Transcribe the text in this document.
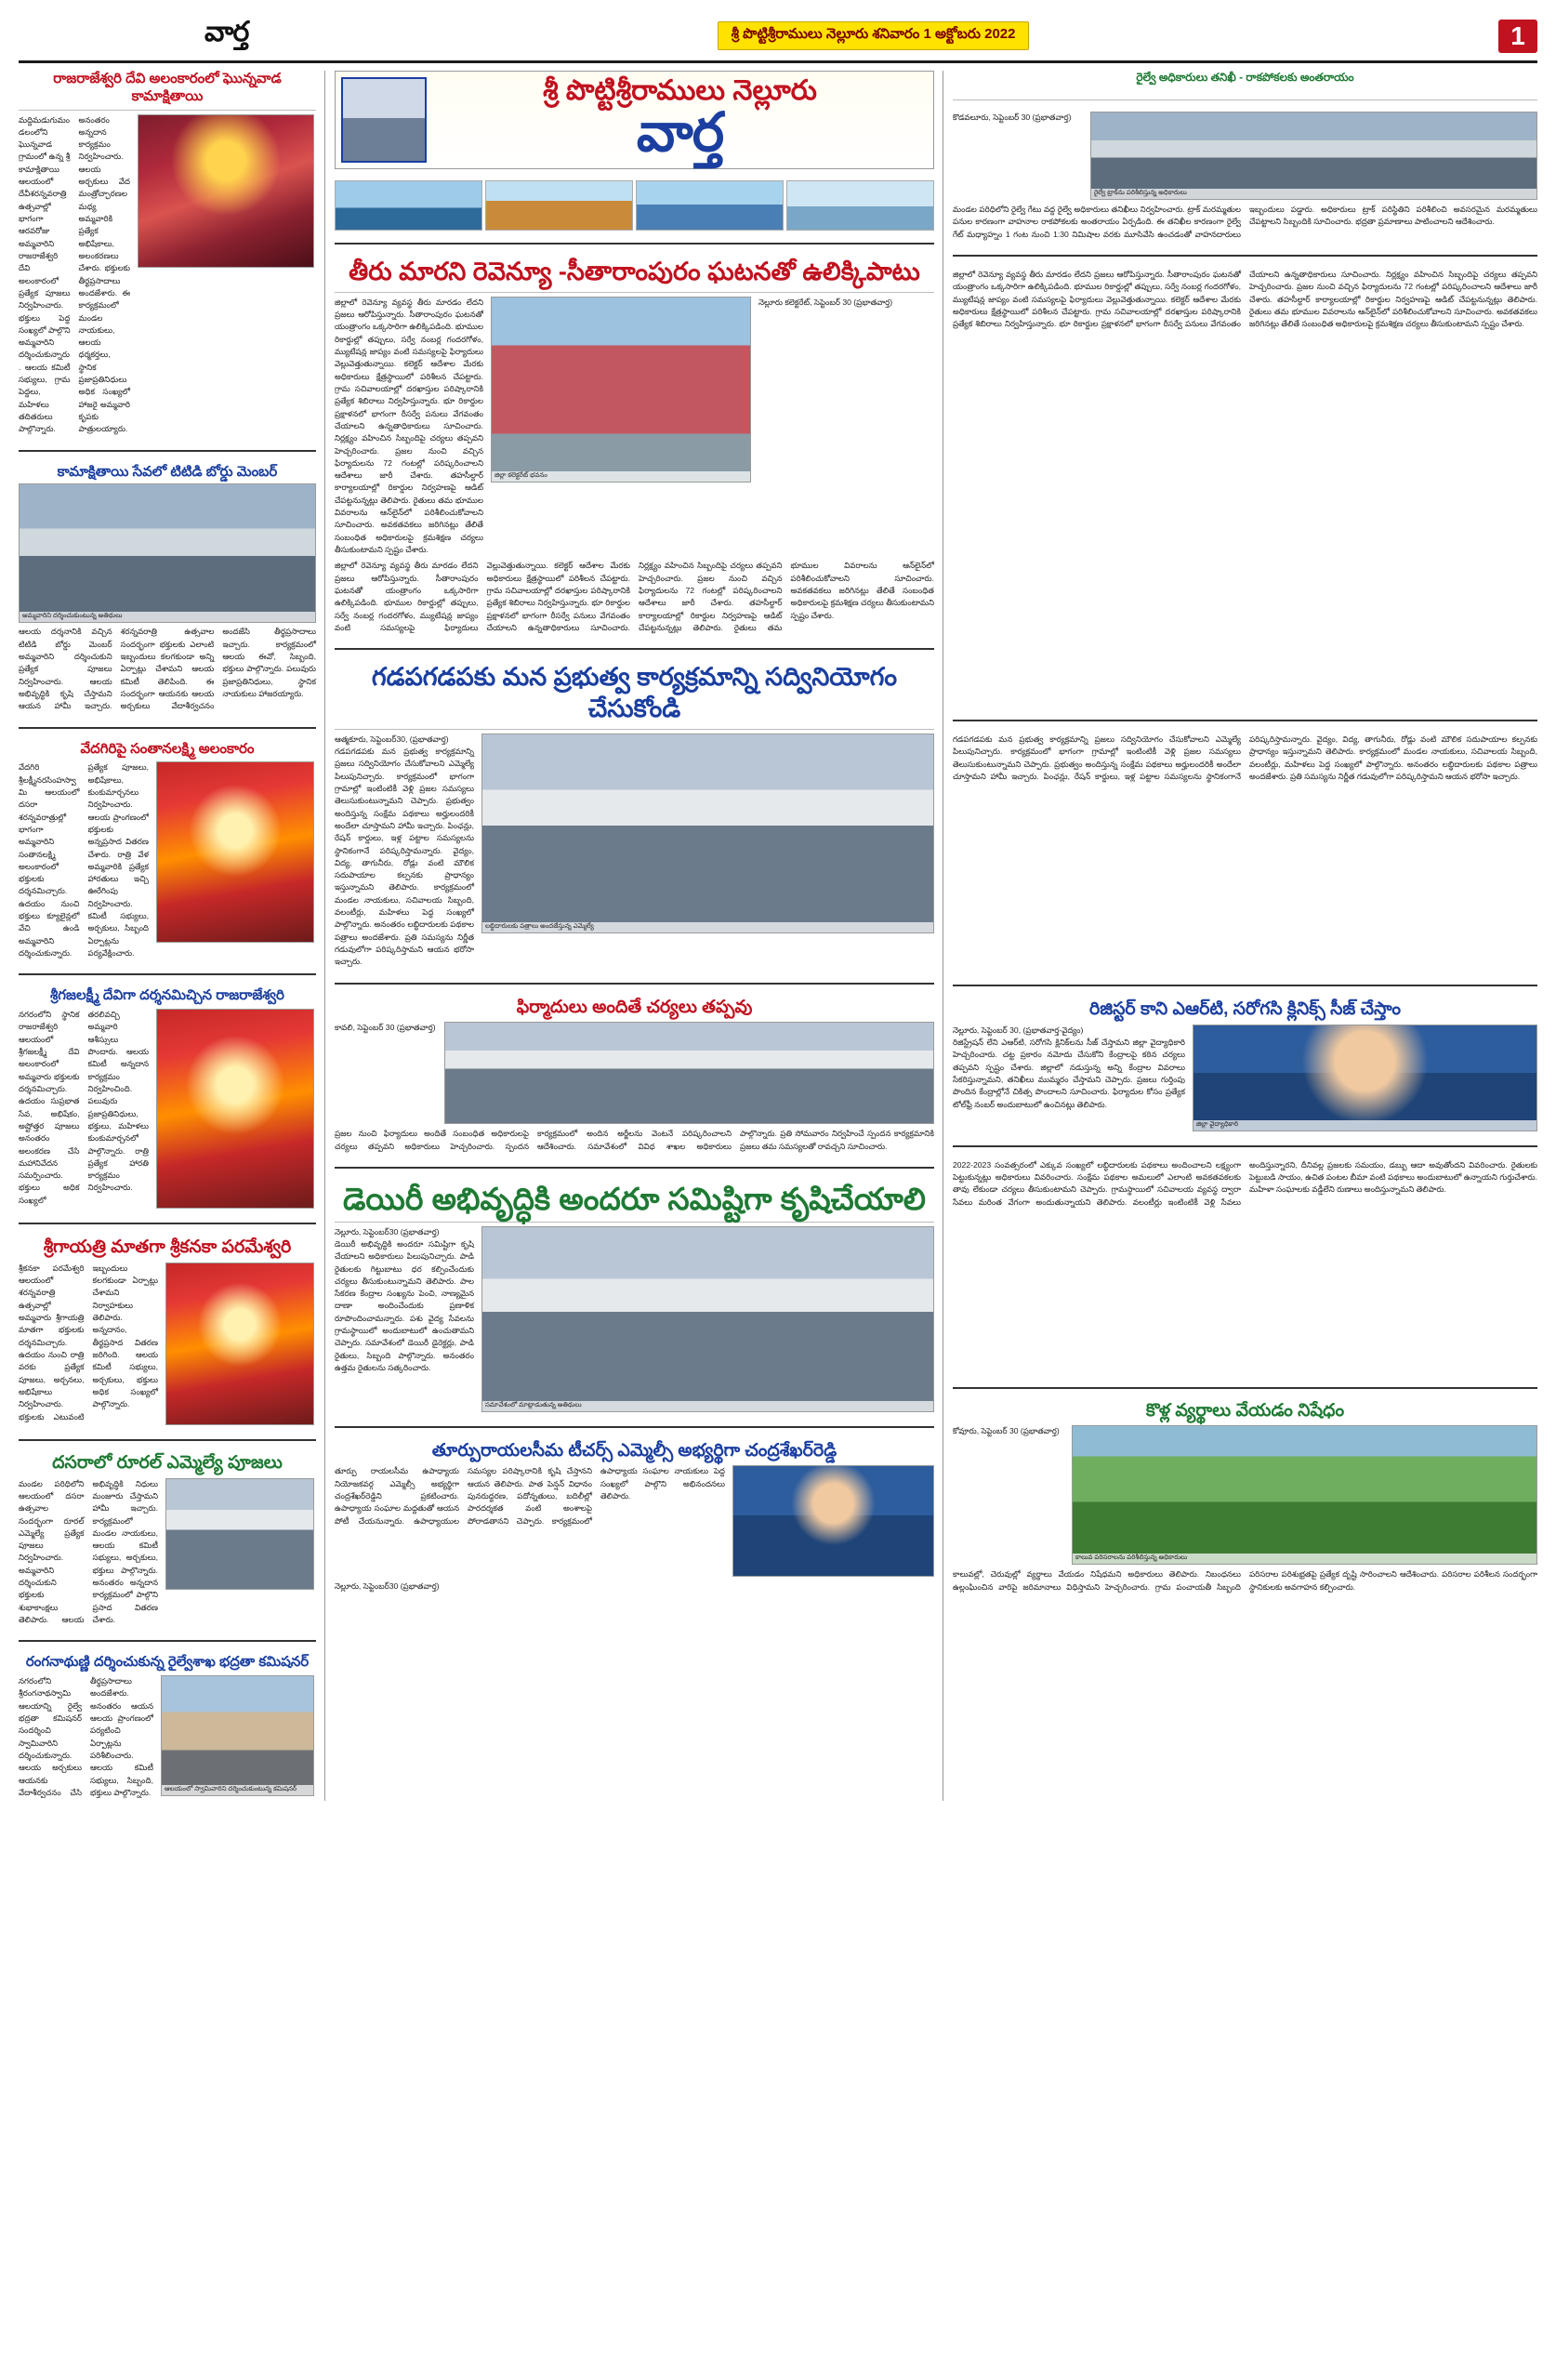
వార్త	శ్రీ పొట్టిశ్రీరాములు నెల్లూరు శనివారం 1 అక్టోబరు 2022	1
రాజరాజేశ్వరి దేవి అలంకారంలో ఘొన్నవాడ కామాక్షితాయి
మద్దిమడుగుమండలంలోని ఘొన్నవాడ గ్రామంలో ఉన్న శ్రీ కామాక్షితాయి ఆలయంలో దేవీశరన్నవరాత్రి ఉత్సవాల్లో భాగంగా ఆరవరోజు అమ్మవారిని రాజరాజేశ్వరి దేవి అలంకారంలో ప్రత్యేక పూజలు నిర్వహించారు. భక్తులు పెద్ద సంఖ్యలో పాల్గొని అమ్మవారిని దర్శించుకున్నారు. ఆలయ కమిటీ సభ్యులు, గ్రామ పెద్దలు, మహిళలు తదితరులు పాల్గొన్నారు. అనంతరం అన్నదాన కార్యక్రమం నిర్వహించారు. ఆలయ అర్చకులు వేద మంత్రోచ్ఛారణల మధ్య అమ్మవారికి ప్రత్యేక అభిషేకాలు, అలంకరణలు చేశారు. భక్తులకు తీర్థప్రసాదాలు అందజేశారు. ఈ కార్యక్రమంలో మండల నాయకులు, ఆలయ ధర్మకర్తలు, స్థానిక ప్రజాప్రతినిధులు అధిక సంఖ్యలో హాజరై అమ్మవారి కృపకు పాత్రులయ్యారు.
కామాక్షితాయి సేవలో టిటిడి బోర్డు మెంబర్
అమ్మవారిని దర్శించుకుంటున్న అతిథులు
ఆలయ దర్శనానికి వచ్చిన టిటిడి బోర్డు మెంబర్ అమ్మవారిని దర్శించుకుని ప్రత్యేక పూజలు నిర్వహించారు. ఆలయ అభివృద్ధికి కృషి చేస్తామని ఆయన హామీ ఇచ్చారు. శరన్నవరాత్రి ఉత్సవాల సందర్భంగా భక్తులకు ఎలాంటి ఇబ్బందులు కలగకుండా అన్ని ఏర్పాట్లు చేశామని ఆలయ కమిటీ తెలిపింది. ఈ సందర్భంగా ఆయనకు ఆలయ అర్చకులు వేదాశీర్వచనం అందజేసి తీర్థప్రసాదాలు ఇచ్చారు. కార్యక్రమంలో ఆలయ ఈవో, సిబ్బంది, భక్తులు పాల్గొన్నారు. పలువురు ప్రజాప్రతినిధులు, స్థానిక నాయకులు హాజరయ్యారు.
వేదగిరిపై సంతానలక్ష్మి అలంకారం
వేదగిరి శ్రీలక్ష్మీనరసింహస్వామి ఆలయంలో దసరా శరన్నవరాత్రుల్లో భాగంగా అమ్మవారిని సంతానలక్ష్మి అలంకారంలో భక్తులకు దర్శనమిచ్చారు. ఉదయం నుంచి భక్తులు క్యూలైన్లలో వేచి ఉండి అమ్మవారిని దర్శించుకున్నారు. ప్రత్యేక పూజలు, అభిషేకాలు, కుంకుమార్చనలు నిర్వహించారు. ఆలయ ప్రాంగణంలో భక్తులకు అన్నప్రసాద వితరణ చేశారు. రాత్రి వేళ అమ్మవారికి ప్రత్యేక హారతులు ఇచ్చి ఊరేగింపు నిర్వహించారు. కమిటీ సభ్యులు, అర్చకులు, సిబ్బంది ఏర్పాట్లను పర్యవేక్షించారు.
శ్రీగజలక్ష్మీ దేవిగా దర్శనమిచ్చిన రాజరాజేశ్వరి
నగరంలోని స్థానిక రాజరాజేశ్వరి ఆలయంలో శ్రీగజలక్ష్మీ దేవి అలంకారంలో అమ్మవారు భక్తులకు దర్శనమిచ్చారు. ఉదయం సుప్రభాత సేవ, అభిషేకం, అష్టోత్తర పూజలు అనంతరం అలంకరణ చేసి మహానివేదన సమర్పించారు. భక్తులు అధిక సంఖ్యలో తరలివచ్చి అమ్మవారి ఆశీస్సులు పొందారు. ఆలయ కమిటీ అన్నదాన కార్యక్రమం నిర్వహించింది. పలువురు ప్రజాప్రతినిధులు, భక్తులు, మహిళలు కుంకుమార్చనలో పాల్గొన్నారు. రాత్రి ప్రత్యేక హారతి కార్యక్రమం నిర్వహించారు.
శ్రీగాయత్రి మాతగా శ్రీకనకా పరమేశ్వరి
శ్రీకనకా పరమేశ్వరి ఆలయంలో శరన్నవరాత్రి ఉత్సవాల్లో అమ్మవారు శ్రీగాయత్రి మాతగా భక్తులకు దర్శనమిచ్చారు. ఉదయం నుంచి రాత్రి వరకు ప్రత్యేక పూజలు, అర్చనలు, అభిషేకాలు నిర్వహించారు. భక్తులకు ఎటువంటి ఇబ్బందులు కలగకుండా ఏర్పాట్లు చేశామని నిర్వాహకులు తెలిపారు. అన్నదానం, తీర్థప్రసాద వితరణ జరిగింది. ఆలయ కమిటీ సభ్యులు, అర్చకులు, భక్తులు అధిక సంఖ్యలో పాల్గొన్నారు.
దసరాలో రూరల్ ఎమ్మెల్యే పూజలు
మండల పరిధిలోని ఆలయంలో దసరా ఉత్సవాల సందర్భంగా రూరల్ ఎమ్మెల్యే ప్రత్యేక పూజలు నిర్వహించారు. అమ్మవారిని దర్శించుకుని భక్తులకు శుభాకాంక్షలు తెలిపారు. ఆలయ అభివృద్ధికి నిధులు మంజూరు చేస్తామని హామీ ఇచ్చారు. కార్యక్రమంలో మండల నాయకులు, ఆలయ కమిటీ సభ్యులు, అర్చకులు, భక్తులు పాల్గొన్నారు. అనంతరం అన్నదాన కార్యక్రమంలో పాల్గొని ప్రసాద వితరణ చేశారు.
రంగనాథుణ్ణి దర్శించుకున్న రైల్వేశాఖ భద్రతా కమిషనర్
నగరంలోని శ్రీరంగనాథస్వామి ఆలయాన్ని రైల్వే భద్రతా కమిషనర్ సందర్శించి స్వామివారిని దర్శించుకున్నారు. ఆలయ అర్చకులు ఆయనకు వేదాశీర్వచనం చేసి తీర్థప్రసాదాలు అందజేశారు. అనంతరం ఆయన ఆలయ ప్రాంగణంలో పర్యటించి ఏర్పాట్లను పరిశీలించారు. ఆలయ కమిటీ సభ్యులు, సిబ్బంది, భక్తులు పాల్గొన్నారు.	ఆలయంలో స్వామివారిని దర్శించుకుంటున్న కమిషనర్
శ్రీ పొట్టిశ్రీరాములు నెల్లూరు
వార్త
తీరు మారని రెవెన్యూ -సీతారాంపురం ఘటనతో ఉలిక్కిపాటు
జిల్లాలో రెవెన్యూ వ్యవస్థ తీరు మారడం లేదని ప్రజలు ఆరోపిస్తున్నారు. సీతారాంపురం ఘటనతో యంత్రాంగం ఒక్కసారిగా ఉలిక్కిపడింది. భూముల రికార్డుల్లో తప్పులు, సర్వే నంబర్ల గందరగోళం, మ్యుటేషన్ల జాప్యం వంటి సమస్యలపై ఫిర్యాదులు వెల్లువెత్తుతున్నాయి. కలెక్టర్ ఆదేశాల మేరకు అధికారులు క్షేత్రస్థాయిలో పరిశీలన చేపట్టారు. గ్రామ సచివాలయాల్లో దరఖాస్తుల పరిష్కారానికి ప్రత్యేక శిబిరాలు నిర్వహిస్తున్నారు. భూ రికార్డుల ప్రక్షాళనలో భాగంగా రీసర్వే పనులు వేగవంతం చేయాలని ఉన్నతాధికారులు సూచించారు. నిర్లక్ష్యం వహించిన సిబ్బందిపై చర్యలు తప్పవని హెచ్చరించారు. ప్రజల నుంచి వచ్చిన ఫిర్యాదులను 72 గంటల్లో పరిష్కరించాలని ఆదేశాలు జారీ చేశారు. తహసీల్దార్ కార్యాలయాల్లో రికార్డుల నిర్వహణపై ఆడిట్ చేపట్టనున్నట్లు తెలిపారు. రైతులు తమ భూముల వివరాలను ఆన్‌లైన్‌లో పరిశీలించుకోవాలని సూచించారు. అవకతవకలు జరిగినట్లు తేలితే సంబంధిత అధికారులపై క్రమశిక్షణ చర్యలు తీసుకుంటామని స్పష్టం చేశారు.
జిల్లా కలెక్టరేట్ భవనం
నెల్లూరు కలెక్టరేట్, సెప్టెంబర్ 30 (ప్రభాతవార్త)
జిల్లాలో రెవెన్యూ వ్యవస్థ తీరు మారడం లేదని ప్రజలు ఆరోపిస్తున్నారు. సీతారాంపురం ఘటనతో యంత్రాంగం ఒక్కసారిగా ఉలిక్కిపడింది. భూముల రికార్డుల్లో తప్పులు, సర్వే నంబర్ల గందరగోళం, మ్యుటేషన్ల జాప్యం వంటి సమస్యలపై ఫిర్యాదులు వెల్లువెత్తుతున్నాయి. కలెక్టర్ ఆదేశాల మేరకు అధికారులు క్షేత్రస్థాయిలో పరిశీలన చేపట్టారు. గ్రామ సచివాలయాల్లో దరఖాస్తుల పరిష్కారానికి ప్రత్యేక శిబిరాలు నిర్వహిస్తున్నారు. భూ రికార్డుల ప్రక్షాళనలో భాగంగా రీసర్వే పనులు వేగవంతం చేయాలని ఉన్నతాధికారులు సూచించారు. నిర్లక్ష్యం వహించిన సిబ్బందిపై చర్యలు తప్పవని హెచ్చరించారు. ప్రజల నుంచి వచ్చిన ఫిర్యాదులను 72 గంటల్లో పరిష్కరించాలని ఆదేశాలు జారీ చేశారు. తహసీల్దార్ కార్యాలయాల్లో రికార్డుల నిర్వహణపై ఆడిట్ చేపట్టనున్నట్లు తెలిపారు. రైతులు తమ భూముల వివరాలను ఆన్‌లైన్‌లో పరిశీలించుకోవాలని సూచించారు. అవకతవకలు జరిగినట్లు తేలితే సంబంధిత అధికారులపై క్రమశిక్షణ చర్యలు తీసుకుంటామని స్పష్టం చేశారు.
గడపగడపకు మన ప్రభుత్వ కార్యక్రమాన్ని సద్వినియోగం చేసుకోండి
ఆత్మకూరు, సెప్టెంబర్30, (ప్రభాతవార్త)
గడపగడపకు మన ప్రభుత్వ కార్యక్రమాన్ని ప్రజలు సద్వినియోగం చేసుకోవాలని ఎమ్మెల్యే పిలుపునిచ్చారు. కార్యక్రమంలో భాగంగా గ్రామాల్లో ఇంటింటికీ వెళ్లి ప్రజల సమస్యలు తెలుసుకుంటున్నామని చెప్పారు. ప్రభుత్వం అందిస్తున్న సంక్షేమ పథకాలు అర్హులందరికీ అందేలా చూస్తామని హామీ ఇచ్చారు. పింఛన్లు, రేషన్ కార్డులు, ఇళ్ల పట్టాల సమస్యలను స్థానికంగానే పరిష్కరిస్తామన్నారు. వైద్యం, విద్య, తాగునీరు, రోడ్లు వంటి మౌలిక సదుపాయాల కల్పనకు ప్రాధాన్యం ఇస్తున్నామని తెలిపారు. కార్యక్రమంలో మండల నాయకులు, సచివాలయ సిబ్బంది, వలంటీర్లు, మహిళలు పెద్ద సంఖ్యలో పాల్గొన్నారు. అనంతరం లబ్ధిదారులకు పథకాల పత్రాలు అందజేశారు. ప్రతి సమస్యను నిర్ణీత గడువులోగా పరిష్కరిస్తామని ఆయన భరోసా ఇచ్చారు.
లబ్ధిదారులకు పత్రాలు అందజేస్తున్న ఎమ్మెల్యే
ఫిర్మాదులు అందితే చర్యలు తప్పవు
కావలి, సెప్టెంబర్ 30 (ప్రభాతవార్త)
ప్రజల నుంచి ఫిర్యాదులు అందితే సంబంధిత అధికారులపై చర్యలు తప్పవని అధికారులు హెచ్చరించారు. స్పందన కార్యక్రమంలో అందిన అర్జీలను వెంటనే పరిష్కరించాలని ఆదేశించారు. సమావేశంలో వివిధ శాఖల అధికారులు పాల్గొన్నారు. ప్రతి సోమవారం నిర్వహించే స్పందన కార్యక్రమానికి ప్రజలు తమ సమస్యలతో రావచ్చని సూచించారు.
డెయిరీ అభివృద్ధికి అందరూ సమిష్టిగా కృషిచేయాలి
నెల్లూరు, సెప్టెంబర్30 (ప్రభాతవార్త)
డెయిరీ అభివృద్ధికి అందరూ సమిష్టిగా కృషి చేయాలని అధికారులు పిలుపునిచ్చారు. పాడి రైతులకు గిట్టుబాటు ధర కల్పించేందుకు చర్యలు తీసుకుంటున్నామని తెలిపారు. పాల సేకరణ కేంద్రాల సంఖ్యను పెంచి, నాణ్యమైన దాణా అందించేందుకు ప్రణాళిక రూపొందించామన్నారు. పశు వైద్య సేవలను గ్రామస్థాయిలో అందుబాటులో ఉంచుతామని చెప్పారు. సమావేశంలో డెయిరీ డైరెక్టర్లు, పాడి రైతులు, సిబ్బంది పాల్గొన్నారు. అనంతరం ఉత్తమ రైతులను సత్కరించారు.
సమావేశంలో మాట్లాడుతున్న అతిథులు
తూర్పురాయలసీమ టీచర్స్ ఎమ్మెల్సీ అభ్యర్థిగా చంద్రశేఖర్‌రెడ్డి
తూర్పు రాయలసీమ ఉపాధ్యాయ నియోజకవర్గ ఎమ్మెల్సీ అభ్యర్థిగా చంద్రశేఖర్‌రెడ్డిని ప్రకటించారు. ఉపాధ్యాయ సంఘాల మద్దతుతో ఆయన పోటీ చేయనున్నారు. ఉపాధ్యాయుల సమస్యల పరిష్కారానికి కృషి చేస్తానని ఆయన తెలిపారు. పాత పెన్షన్ విధానం పునరుద్ధరణ, పదోన్నతులు, బదిలీల్లో పారదర్శకత వంటి అంశాలపై పోరాడతానని చెప్పారు. కార్యక్రమంలో ఉపాధ్యాయ సంఘాల నాయకులు పెద్ద సంఖ్యలో పాల్గొని అభినందనలు తెలిపారు.
నెల్లూరు, సెప్టెంబర్30 (ప్రభాతవార్త)
రైల్వే అధికారులు తనిఖీ - రాకపోకలకు అంతరాయం
కొడవలూరు, సెప్టెంబర్ 30 (ప్రభాతవార్త)
రైల్వే ట్రాక్‌ను పరిశీలిస్తున్న అధికారులు
మండల పరిధిలోని రైల్వే గేటు వద్ద రైల్వే అధికారులు తనిఖీలు నిర్వహించారు. ట్రాక్ మరమ్మతుల పనుల కారణంగా వాహనాల రాకపోకలకు అంతరాయం ఏర్పడింది. ఈ తనిఖీల కారణంగా రైల్వే గేట్ మధ్యాహ్నం 1 గంట నుంచి 1:30 నిమిషాల వరకు మూసివేసి ఉంచడంతో వాహనదారులు ఇబ్బందులు పడ్డారు. అధికారులు ట్రాక్ పరిస్థితిని పరిశీలించి అవసరమైన మరమ్మతులు చేపట్టాలని సిబ్బందికి సూచించారు. భద్రతా ప్రమాణాలు పాటించాలని ఆదేశించారు.
జిల్లాలో రెవెన్యూ వ్యవస్థ తీరు మారడం లేదని ప్రజలు ఆరోపిస్తున్నారు. సీతారాంపురం ఘటనతో యంత్రాంగం ఒక్కసారిగా ఉలిక్కిపడింది. భూముల రికార్డుల్లో తప్పులు, సర్వే నంబర్ల గందరగోళం, మ్యుటేషన్ల జాప్యం వంటి సమస్యలపై ఫిర్యాదులు వెల్లువెత్తుతున్నాయి. కలెక్టర్ ఆదేశాల మేరకు అధికారులు క్షేత్రస్థాయిలో పరిశీలన చేపట్టారు. గ్రామ సచివాలయాల్లో దరఖాస్తుల పరిష్కారానికి ప్రత్యేక శిబిరాలు నిర్వహిస్తున్నారు. భూ రికార్డుల ప్రక్షాళనలో భాగంగా రీసర్వే పనులు వేగవంతం చేయాలని ఉన్నతాధికారులు సూచించారు. నిర్లక్ష్యం వహించిన సిబ్బందిపై చర్యలు తప్పవని హెచ్చరించారు. ప్రజల నుంచి వచ్చిన ఫిర్యాదులను 72 గంటల్లో పరిష్కరించాలని ఆదేశాలు జారీ చేశారు. తహసీల్దార్ కార్యాలయాల్లో రికార్డుల నిర్వహణపై ఆడిట్ చేపట్టనున్నట్లు తెలిపారు. రైతులు తమ భూముల వివరాలను ఆన్‌లైన్‌లో పరిశీలించుకోవాలని సూచించారు. అవకతవకలు జరిగినట్లు తేలితే సంబంధిత అధికారులపై క్రమశిక్షణ చర్యలు తీసుకుంటామని స్పష్టం చేశారు.
గడపగడపకు మన ప్రభుత్వ కార్యక్రమాన్ని ప్రజలు సద్వినియోగం చేసుకోవాలని ఎమ్మెల్యే పిలుపునిచ్చారు. కార్యక్రమంలో భాగంగా గ్రామాల్లో ఇంటింటికీ వెళ్లి ప్రజల సమస్యలు తెలుసుకుంటున్నామని చెప్పారు. ప్రభుత్వం అందిస్తున్న సంక్షేమ పథకాలు అర్హులందరికీ అందేలా చూస్తామని హామీ ఇచ్చారు. పింఛన్లు, రేషన్ కార్డులు, ఇళ్ల పట్టాల సమస్యలను స్థానికంగానే పరిష్కరిస్తామన్నారు. వైద్యం, విద్య, తాగునీరు, రోడ్లు వంటి మౌలిక సదుపాయాల కల్పనకు ప్రాధాన్యం ఇస్తున్నామని తెలిపారు. కార్యక్రమంలో మండల నాయకులు, సచివాలయ సిబ్బంది, వలంటీర్లు, మహిళలు పెద్ద సంఖ్యలో పాల్గొన్నారు. అనంతరం లబ్ధిదారులకు పథకాల పత్రాలు అందజేశారు. ప్రతి సమస్యను నిర్ణీత గడువులోగా పరిష్కరిస్తామని ఆయన భరోసా ఇచ్చారు.
రిజిస్టర్ కాని ఎఆర్‌టి, సరోగసి క్లినిక్స్ సీజ్ చేస్తాం
నెల్లూరు, సెప్టెంబర్ 30, (ప్రభాతవార్త-వైద్యం)
రిజిస్ట్రేషన్ లేని ఎఆర్‌టి, సరోగసి క్లినిక్‌లను సీజ్ చేస్తామని జిల్లా వైద్యాధికారి హెచ్చరించారు. చట్ట ప్రకారం నమోదు చేసుకోని కేంద్రాలపై కఠిన చర్యలు తప్పవని స్పష్టం చేశారు. జిల్లాలో నడుస్తున్న అన్ని కేంద్రాల వివరాలు సేకరిస్తున్నామని, తనిఖీలు ముమ్మరం చేస్తామని చెప్పారు. ప్రజలు గుర్తింపు పొందిన కేంద్రాల్లోనే చికిత్స పొందాలని సూచించారు. ఫిర్యాదుల కోసం ప్రత్యేక టోల్‌ఫ్రీ నంబర్ అందుబాటులో ఉంచినట్లు తెలిపారు.
జిల్లా వైద్యాధికారి
2022-2023 సంవత్సరంలో ఎక్కువ సంఖ్యలో లబ్ధిదారులకు పథకాలు అందించాలని లక్ష్యంగా పెట్టుకున్నట్లు అధికారులు వివరించారు. సంక్షేమ పథకాల అమలులో ఎలాంటి అవకతవకలకు తావు లేకుండా చర్యలు తీసుకుంటామని చెప్పారు. గ్రామస్థాయిలో సచివాలయ వ్యవస్థ ద్వారా సేవలు మరింత వేగంగా అందుతున్నాయని తెలిపారు. వలంటీర్లు ఇంటింటికీ వెళ్లి సేవలు అందిస్తున్నారని, దీనివల్ల ప్రజలకు సమయం, డబ్బు ఆదా అవుతోందని వివరించారు. రైతులకు పెట్టుబడి సాయం, ఉచిత పంటల బీమా వంటి పథకాలు అందుబాటులో ఉన్నాయని గుర్తుచేశారు. మహిళా సంఘాలకు వడ్డీలేని రుణాలు అందిస్తున్నామని తెలిపారు.
కొళ్ల వ్యర్థాలు వేయడం నిషేధం
కోవూరు, సెప్టెంబర్ 30 (ప్రభాతవార్త)
కాలువ పరిసరాలను పరిశీలిస్తున్న అధికారులు
కాలువల్లో, చెరువుల్లో వ్యర్థాలు వేయడం నిషేధమని అధికారులు తెలిపారు. నిబంధనలు ఉల్లంఘించిన వారిపై జరిమానాలు విధిస్తామని హెచ్చరించారు. గ్రామ పంచాయతీ సిబ్బంది పరిసరాల పరిశుభ్రతపై ప్రత్యేక దృష్టి సారించాలని ఆదేశించారు. పరిసరాల పరిశీలన సందర్భంగా స్థానికులకు అవగాహన కల్పించారు.
